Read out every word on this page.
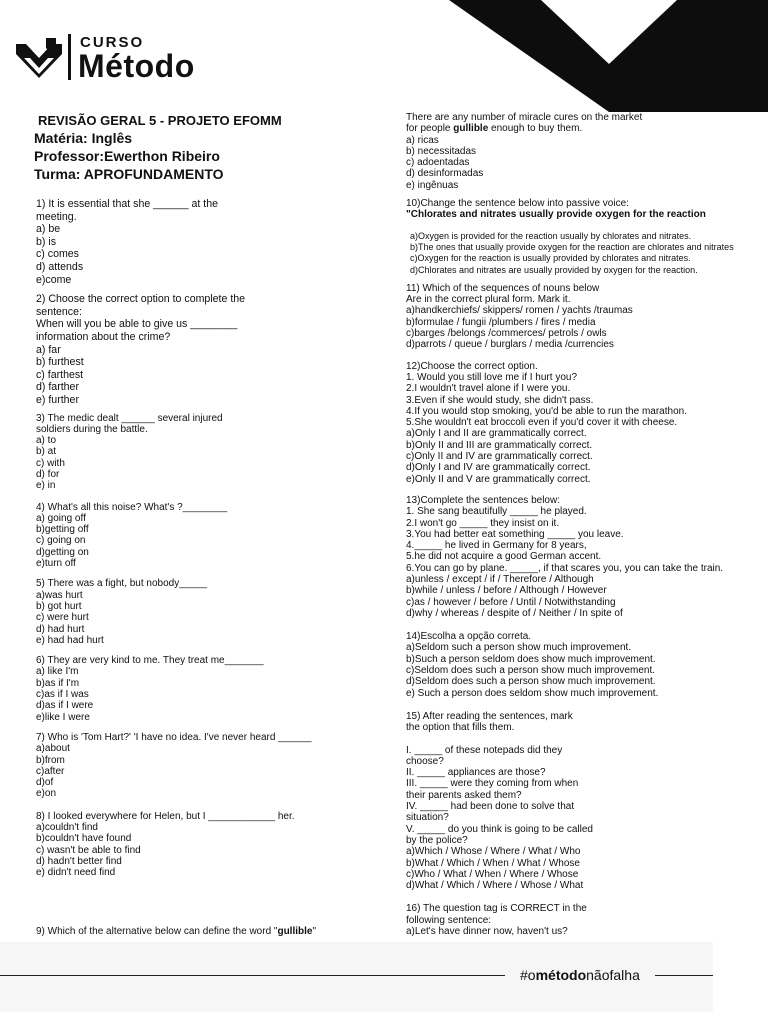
CURSO
Método
REVISÃO GERAL 5 - PROJETO EFOMM
Matéria: Inglês
Professor:Ewerthon Ribeiro
Turma: APROFUNDAMENTO
1) It is essential that she ______ at the
meeting.
a) be
b) is
c) comes
d) attends
e)come
2) Choose the correct option to complete the
sentence:
When will you be able to give us ________
information about the crime?
a) far
b) furthest
c) farthest
d) farther
e) further
3) The medic dealt ______ several injured
soldiers during the battle.
a) to
b) at
c) with
d) for
e) in
4) What's all this noise? What's ?________
a) going off
b)getting off
c) going on
d)getting on
e)turn off
5) There was a fight, but nobody_____
a)was hurt
b) got hurt
c) were hurt
d) had hurt
e) had had hurt
6) They are very kind to me. They treat me_______
a) like I'm
b)as if I'm
c)as if I was
d)as if I were
e)like I were
7) Who is 'Tom Hart?' 'I have no idea. I've never heard ______
a)about
b)from
c)after
d)of
e)on
8) I looked everywhere for Helen, but I ____________ her.
a)couldn't find
b)couldn't have found
c) wasn't be able to find
d) hadn't better find
e) didn't need find
9) Which of the alternative below can define the word "gullible"
There are any number of miracle cures on the market
for people gullible enough to buy them.
a) ricas
b) necessitadas
c) adoentadas
d) desinformadas
e) ingênuas
10)Change the sentence below into passive voice:
"Chlorates and nitrates usually provide oxygen for the reaction
a)Oxygen is provided for the reaction usually by chlorates and nitrates.
b)The ones that usually provide oxygen for the reaction are chlorates and nitrates
c)Oxygen for the reaction is usually provided by chlorates and nitrates.
d)Chlorates and nitrates are usually provided by oxygen for the reaction.
11) Which of the sequences of nouns below
Are in the correct plural form. Mark it.
a)handkerchiefs/ skippers/ romen / yachts /traumas
b)formulae / fungii /plumbers / fires / media
c)barges /belongs /commerces/ petrols / owls
d)parrots / queue / burglars / media /currencies
12)Choose the correct option.
1. Would you still love me if I hurt you?
2.I wouldn't travel alone if I were you.
3.Even if she would study, she didn't pass.
4.If you would stop smoking, you'd be able to run the marathon.
5.She wouldn't eat broccoli even if you'd cover it with cheese.
a)Only I and II are grammatically correct.
b)Only II and III are grammatically correct.
c)Only II and IV are grammatically correct.
d)Only I and IV are grammatically correct.
e)Only II and V are grammatically correct.
13)Complete the sentences below:
1. She sang beautifully _____ he played.
2.I won't go _____ they insist on it.
3.You had better eat something _____ you leave.
4._____ he lived in Germany for 8 years,
5.he did not acquire a good German accent.
6.You can go by plane. _____, if that scares you, you can take the train.
a)unless / except / if / Therefore / Although
b)while / unless / before / Although / However
c)as / however / before / Until / Notwithstanding
d)why / whereas / despite of / Neither / In spite of
14)Escolha a opção correta.
a)Seldom such a person show much improvement.
b)Such a person seldom does show much improvement.
c)Seldom does such a person show much improvement.
d)Seldom does such a person show much improvement.
e) Such a person does seldom show much improvement.
15) After reading the sentences, mark
the option that fills them.
I. _____ of these notepads did they
choose?
II. _____ appliances are those?
III. _____ were they coming from when
their parents asked them?
IV. _____ had been done to solve that
situation?
V. _____ do you think is going to be called
by the police?
a)Which / Whose / Where / What / Who
b)What / Which / When / What / Whose
c)Who / What / When / Where / Whose
d)What / Which / Where / Whose / What
16) The question tag is CORRECT in the
following sentence:
a)Let's have dinner now, haven't us?
#ométodonãofalha
